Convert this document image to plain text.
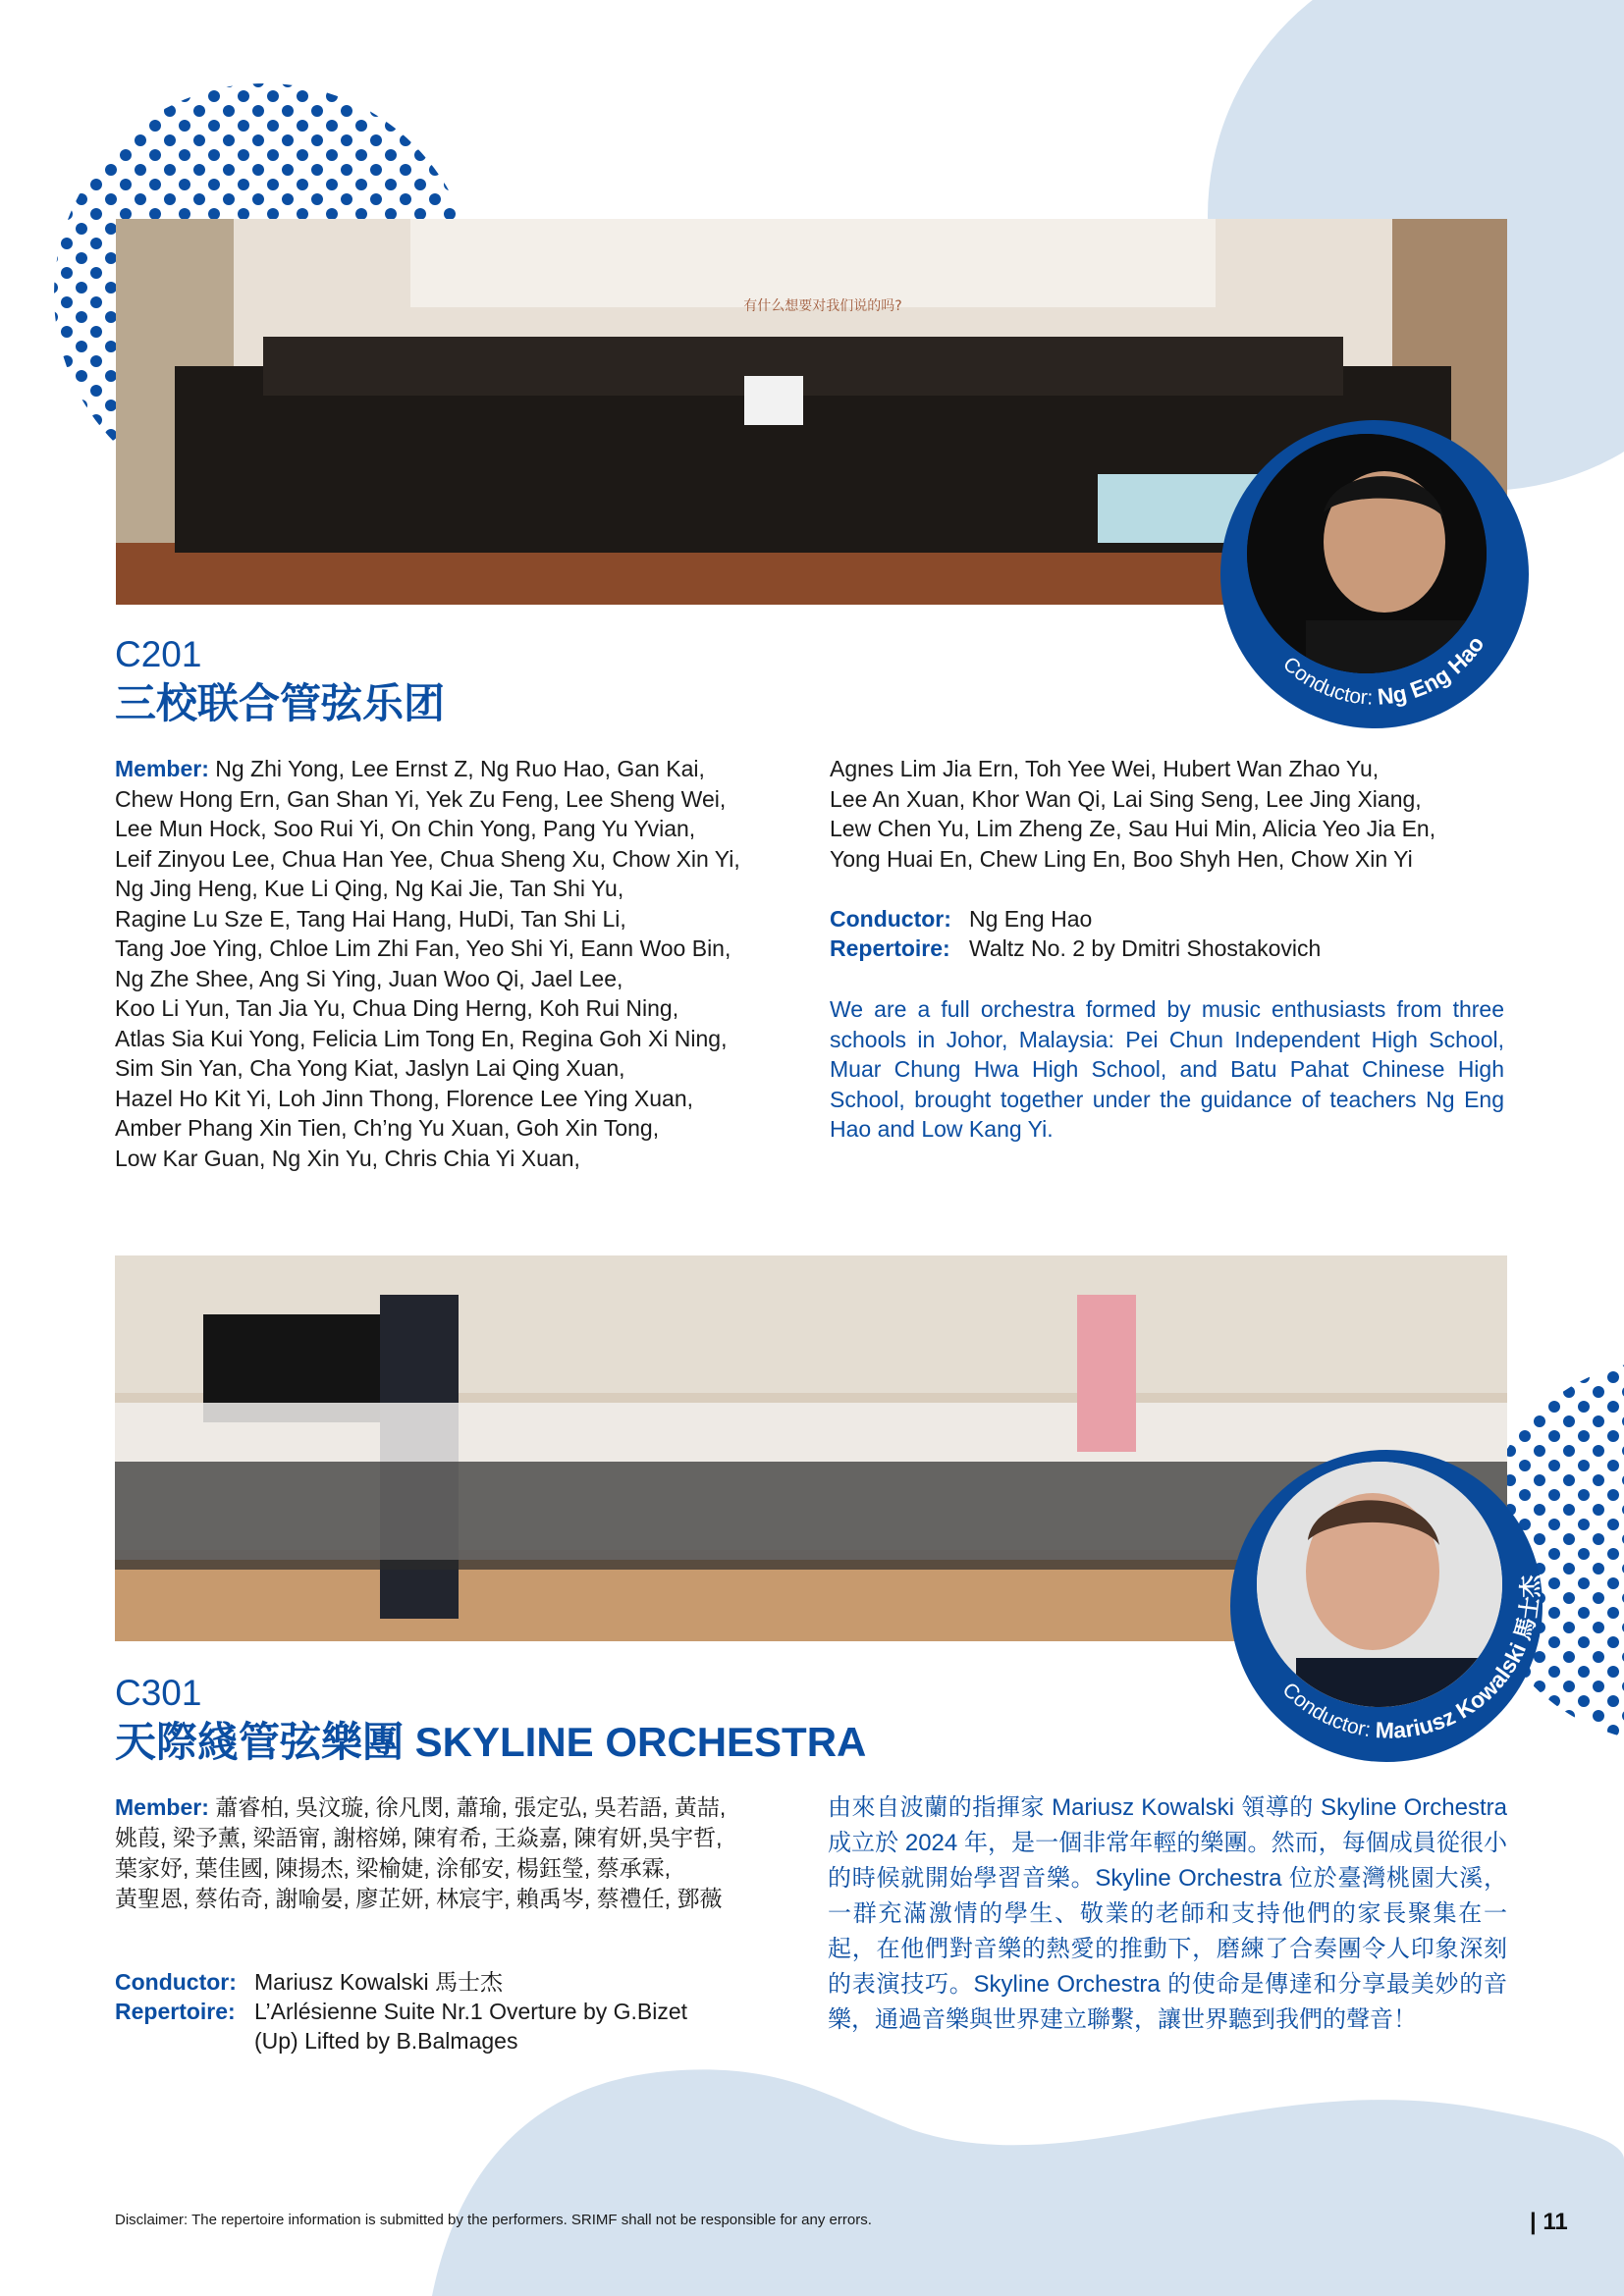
有什么想要对我们说的吗?
Conductor: Ng Eng Hao
C201
三校联合管弦乐团
Member: Ng Zhi Yong, Lee Ernst Z, Ng Ruo Hao, Gan Kai,
Chew Hong Ern, Gan Shan Yi, Yek Zu Feng, Lee Sheng Wei,
Lee Mun Hock, Soo Rui Yi, On Chin Yong, Pang Yu Yvian,
Leif Zinyou Lee, Chua Han Yee, Chua Sheng Xu, Chow Xin Yi,
Ng Jing Heng, Kue Li Qing, Ng Kai Jie, Tan Shi Yu,
Ragine Lu Sze E, Tang Hai Hang, HuDi, Tan Shi Li,
Tang Joe Ying, Chloe Lim Zhi Fan, Yeo Shi Yi, Eann Woo Bin,
Ng Zhe Shee, Ang Si Ying, Juan Woo Qi, Jael Lee,
Koo Li Yun, Tan Jia Yu, Chua Ding Herng, Koh Rui Ning,
Atlas Sia Kui Yong, Felicia Lim Tong En, Regina Goh Xi Ning,
Sim Sin Yan, Cha Yong Kiat, Jaslyn Lai Qing Xuan,
Hazel Ho Kit Yi, Loh Jinn Thong, Florence Lee Ying Xuan,
Amber Phang Xin Tien, Ch’ng Yu Xuan, Goh Xin Tong,
Low Kar Guan, Ng Xin Yu, Chris Chia Yi Xuan,
Agnes Lim Jia Ern, Toh Yee Wei, Hubert Wan Zhao Yu,
Lee An Xuan, Khor Wan Qi, Lai Sing Seng, Lee Jing Xiang,
Lew Chen Yu, Lim Zheng Ze, Sau Hui Min, Alicia Yeo Jia En,
Yong Huai En, Chew Ling En, Boo Shyh Hen, Chow Xin Yi
Conductor: Ng Eng Hao
Repertoire: Waltz No. 2 by Dmitri Shostakovich
We are a full orchestra formed by music enthusiasts from three schools in Johor, Malaysia: Pei Chun Independent High School, Muar Chung Hwa High School, and Batu Pahat Chinese High School, brought together under the guidance of teachers Ng Eng Hao and Low Kang Yi.
Conductor: Mariusz Kowalski 馬士杰
C301
天際綫管弦樂團 SKYLINE ORCHESTRA
Member: 蕭睿柏, 吳汶璇, 徐凡閔, 蕭瑜, 張定弘, 吳若語, 黃喆,
姚葭, 梁予薰, 梁語甯, 謝榕娣, 陳宥希, 王焱嘉, 陳宥妍,吳宇哲,
葉家妤, 葉佳國, 陳揚杰, 梁榆婕, 涂郁安, 楊鈺瑩, 蔡承霖,
黃聖恩, 蔡佑奇, 謝喻晏, 廖芷妍, 林宸宇, 賴禹岑, 蔡禮任, 鄧薇
Conductor: Mariusz Kowalski 馬士杰
Repertoire: L’Arlésienne Suite Nr.1 Overture by G.Bizet
(Up) Lifted by B.Balmages
由來自波蘭的指揮家 Mariusz Kowalski 領導的 Skyline Orchestra 成立於 2024 年，是一個非常年輕的樂團。然而，每個成員從很小的時候就開始學習音樂。Skyline Orchestra 位於臺灣桃園大溪，一群充滿激情的學生、敬業的老師和支持他們的家長聚集在一起，在他們對音樂的熱愛的推動下，磨練了合奏團令人印象深刻的表演技巧。Skyline Orchestra 的使命是傳達和分享最美妙的音樂，通過音樂與世界建立聯繫，讓世界聽到我們的聲音！
Disclaimer: The repertoire information is submitted by the performers. SRIMF shall not be responsible for any errors.	| 11
